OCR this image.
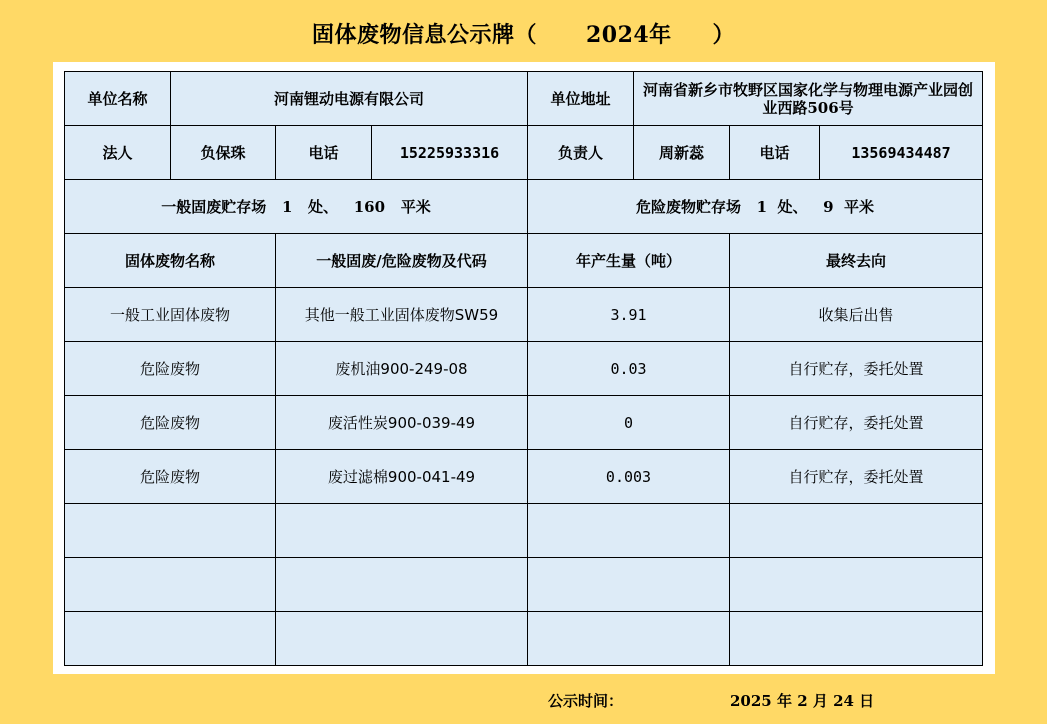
固体废物信息公示牌（      2024年     ）
单位名称	河南锂动电源有限公司			单位地址	河南省新乡市牧野区国家化学与物理电源产业园创业西路506号		
法人	负保珠	电话	15225933316	负责人	周新蕊	电话	13569434487
一般固废贮存场   1   处、   160   平米				危险废物贮存场   1  处、   9  平米			
固体废物名称		一般固废/危险废物及代码		年产生量（吨）		最终去向	
一般工业固体废物		其他一般工业固体废物SW59		3.91		收集后出售	
危险废物		废机油900-249-08		0.03		自行贮存，委托处置	
危险废物		废活性炭900-039-49		0		自行贮存，委托处置	
危险废物		废过滤棉900-041-49		0.003		自行贮存，委托处置	

公示时间：	2025 年 2 月 24 日
